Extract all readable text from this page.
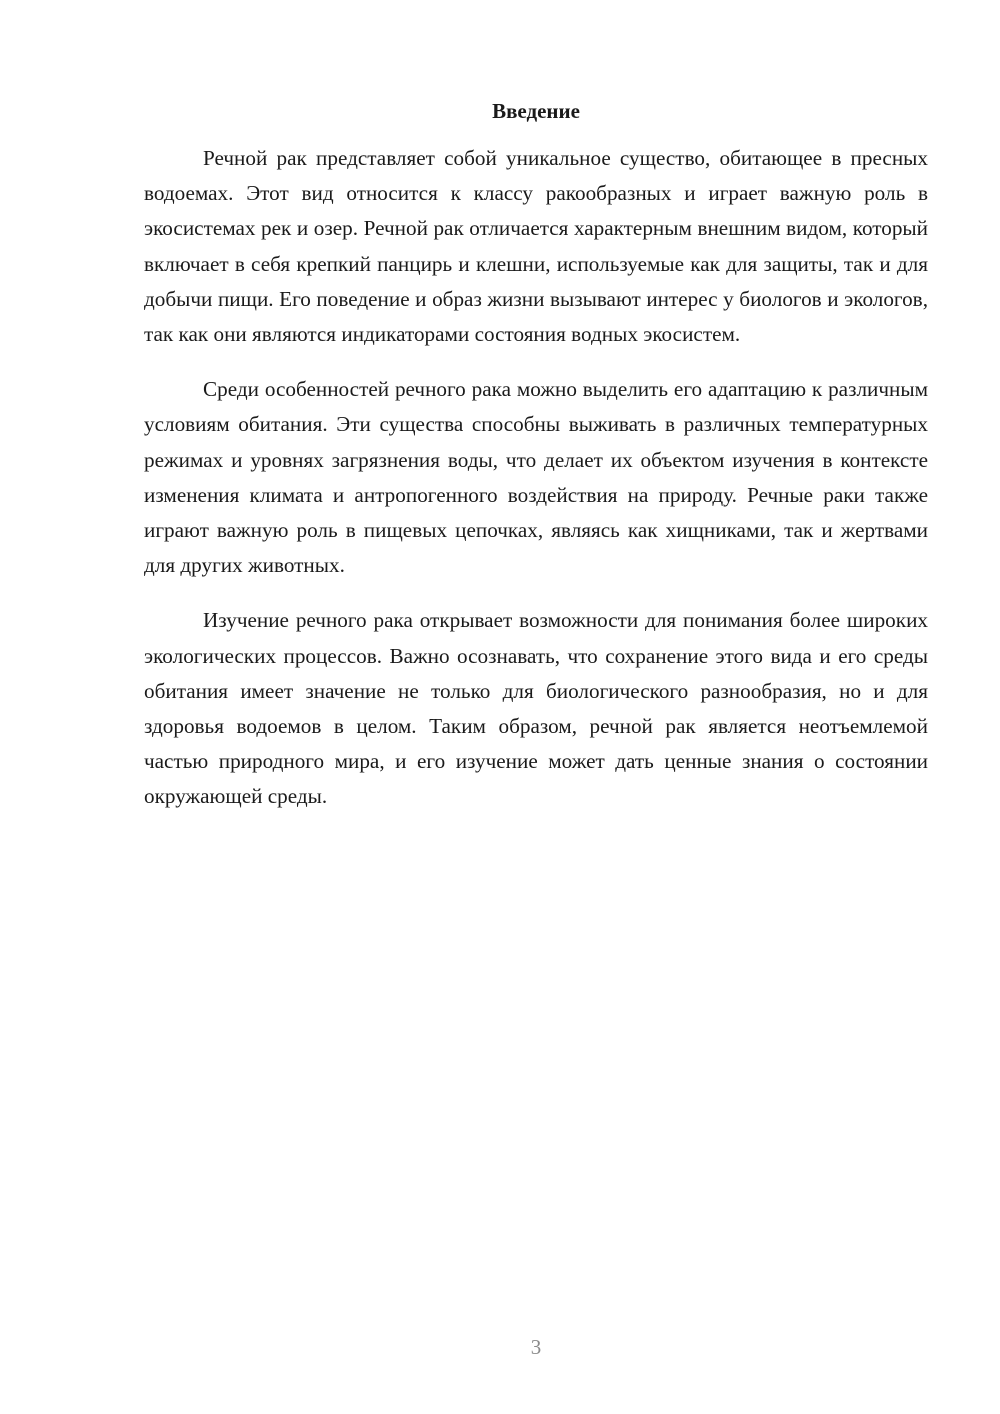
Введение

Речной рак представляет собой уникальное существо, обитающее в пресных водоемах. Этот вид относится к классу ракообразных и играет важную роль в экосистемах рек и озер. Речной рак отличается характерным внешним видом, который включает в себя крепкий панцирь и клешни, используемые как для защиты, так и для добычи пищи. Его поведение и образ жизни вызывают интерес у биологов и экологов, так как они являются индикаторами состояния водных экосистем.

Среди особенностей речного рака можно выделить его адаптацию к различным условиям обитания. Эти существа способны выживать в различных температурных режимах и уровнях загрязнения воды, что делает их объектом изучения в контексте изменения климата и антропогенного воздействия на природу. Речные раки также играют важную роль в пищевых цепочках, являясь как хищниками, так и жертвами для других животных.

Изучение речного рака открывает возможности для понимания более широких экологических процессов. Важно осознавать, что сохранение этого вида и его среды обитания имеет значение не только для биологического разнообразия, но и для здоровья водоемов в целом. Таким образом, речной рак является неотъемлемой частью природного мира, и его изучение может дать ценные знания о состоянии окружающей среды.

3
